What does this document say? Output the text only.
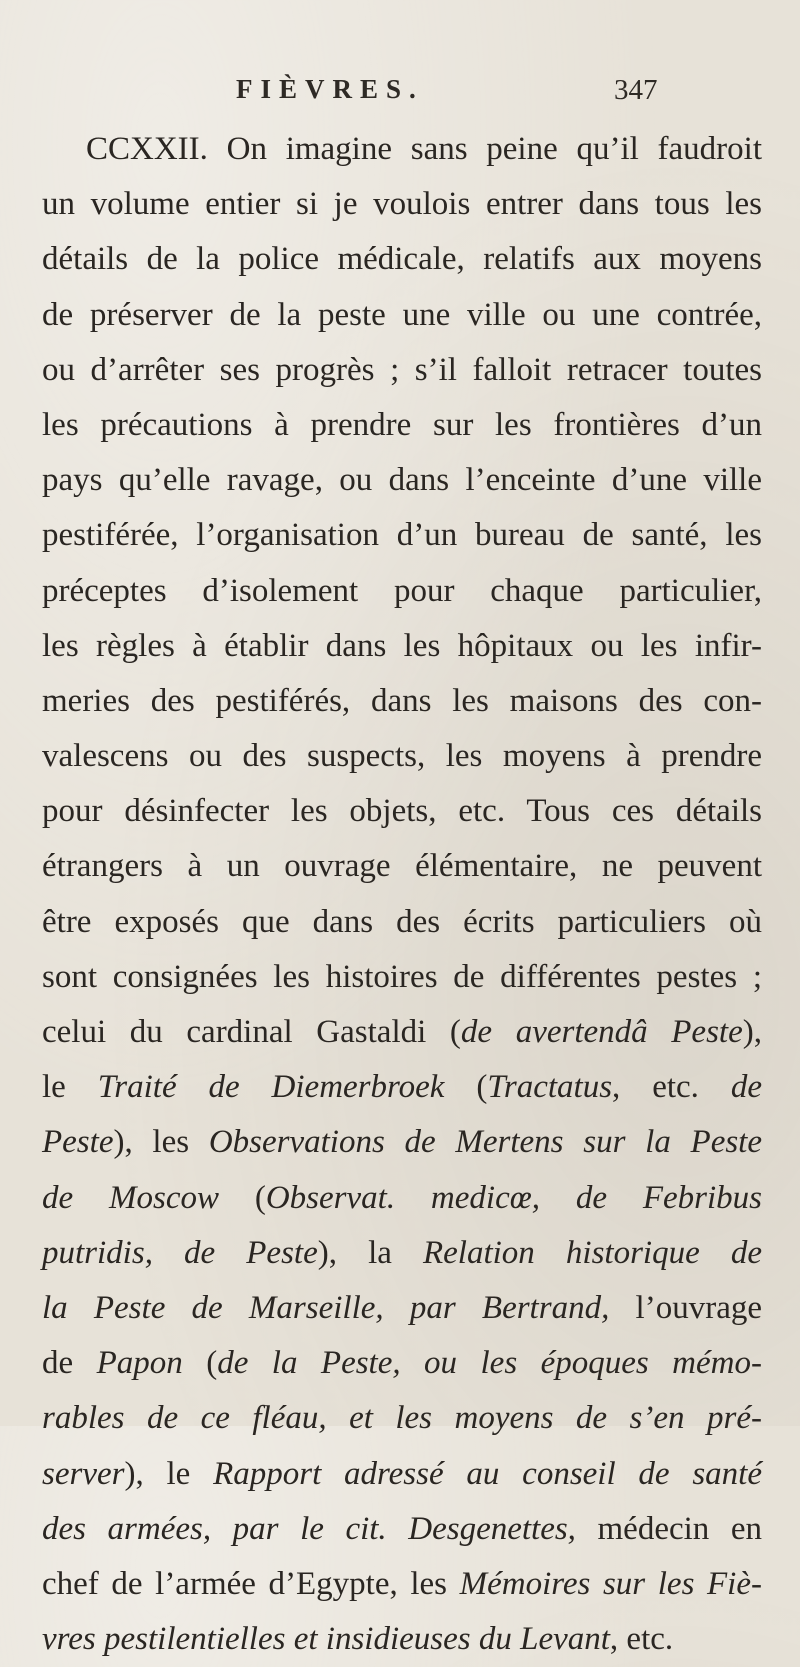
FIÈVRES.	347
CCXXII. On imagine sans peine qu’il faudroit
un volume entier si je voulois entrer dans tous les
détails de la police médicale, relatifs aux moyens
de préserver de la peste une ville ou une contrée,
ou d’arrêter ses progrès ; s’il falloit retracer toutes
les précautions à prendre sur les frontières d’un
pays qu’elle ravage, ou dans l’enceinte d’une ville
pestiférée, l’organisation d’un bureau de santé, les
préceptes d’isolement pour chaque particulier,
les règles à établir dans les hôpitaux ou les infir-
meries des pestiférés, dans les maisons des con-
valescens ou des suspects, les moyens à prendre
pour désinfecter les objets, etc. Tous ces détails
étrangers à un ouvrage élémentaire, ne peuvent
être exposés que dans des écrits particuliers où
sont consignées les histoires de différentes pestes ;
celui du cardinal Gastaldi (de avertendâ Peste),
le Traité de Diemerbroek (Tractatus, etc. de
Peste), les Observations de Mertens sur la Peste
de Moscow (Observat. medicœ, de Febribus
putridis, de Peste), la Relation historique de
la Peste de Marseille, par Bertrand, l’ouvrage
de Papon (de la Peste, ou les époques mémo-
rables de ce fléau, et les moyens de s’en pré-
server), le Rapport adressé au conseil de santé
des armées, par le cit. Desgenettes, médecin en
chef de l’armée d’Egypte, les Mémoires sur les Fiè-
vres pestilentielles et insidieuses du Levant, etc.
